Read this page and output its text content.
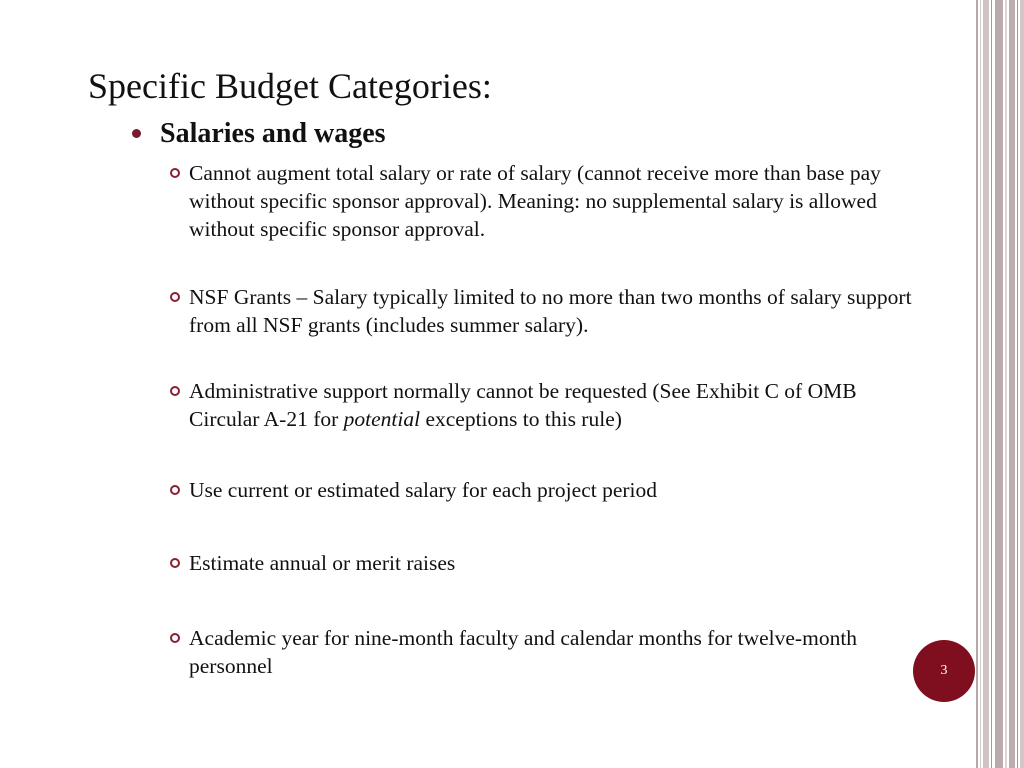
Specific Budget Categories:
Salaries and wages
Cannot augment total salary or rate of salary (cannot receive more than base pay without specific sponsor approval). Meaning: no supplemental salary is allowed without specific sponsor approval.
NSF Grants – Salary typically limited to no more than two months of salary support from all NSF grants (includes summer salary).
Administrative support normally cannot be requested (See Exhibit C of OMB Circular A-21 for potential exceptions to this rule)
Use current or estimated salary for each project period
Estimate annual or merit raises
Academic year for nine-month faculty and calendar months for twelve-month personnel	3
